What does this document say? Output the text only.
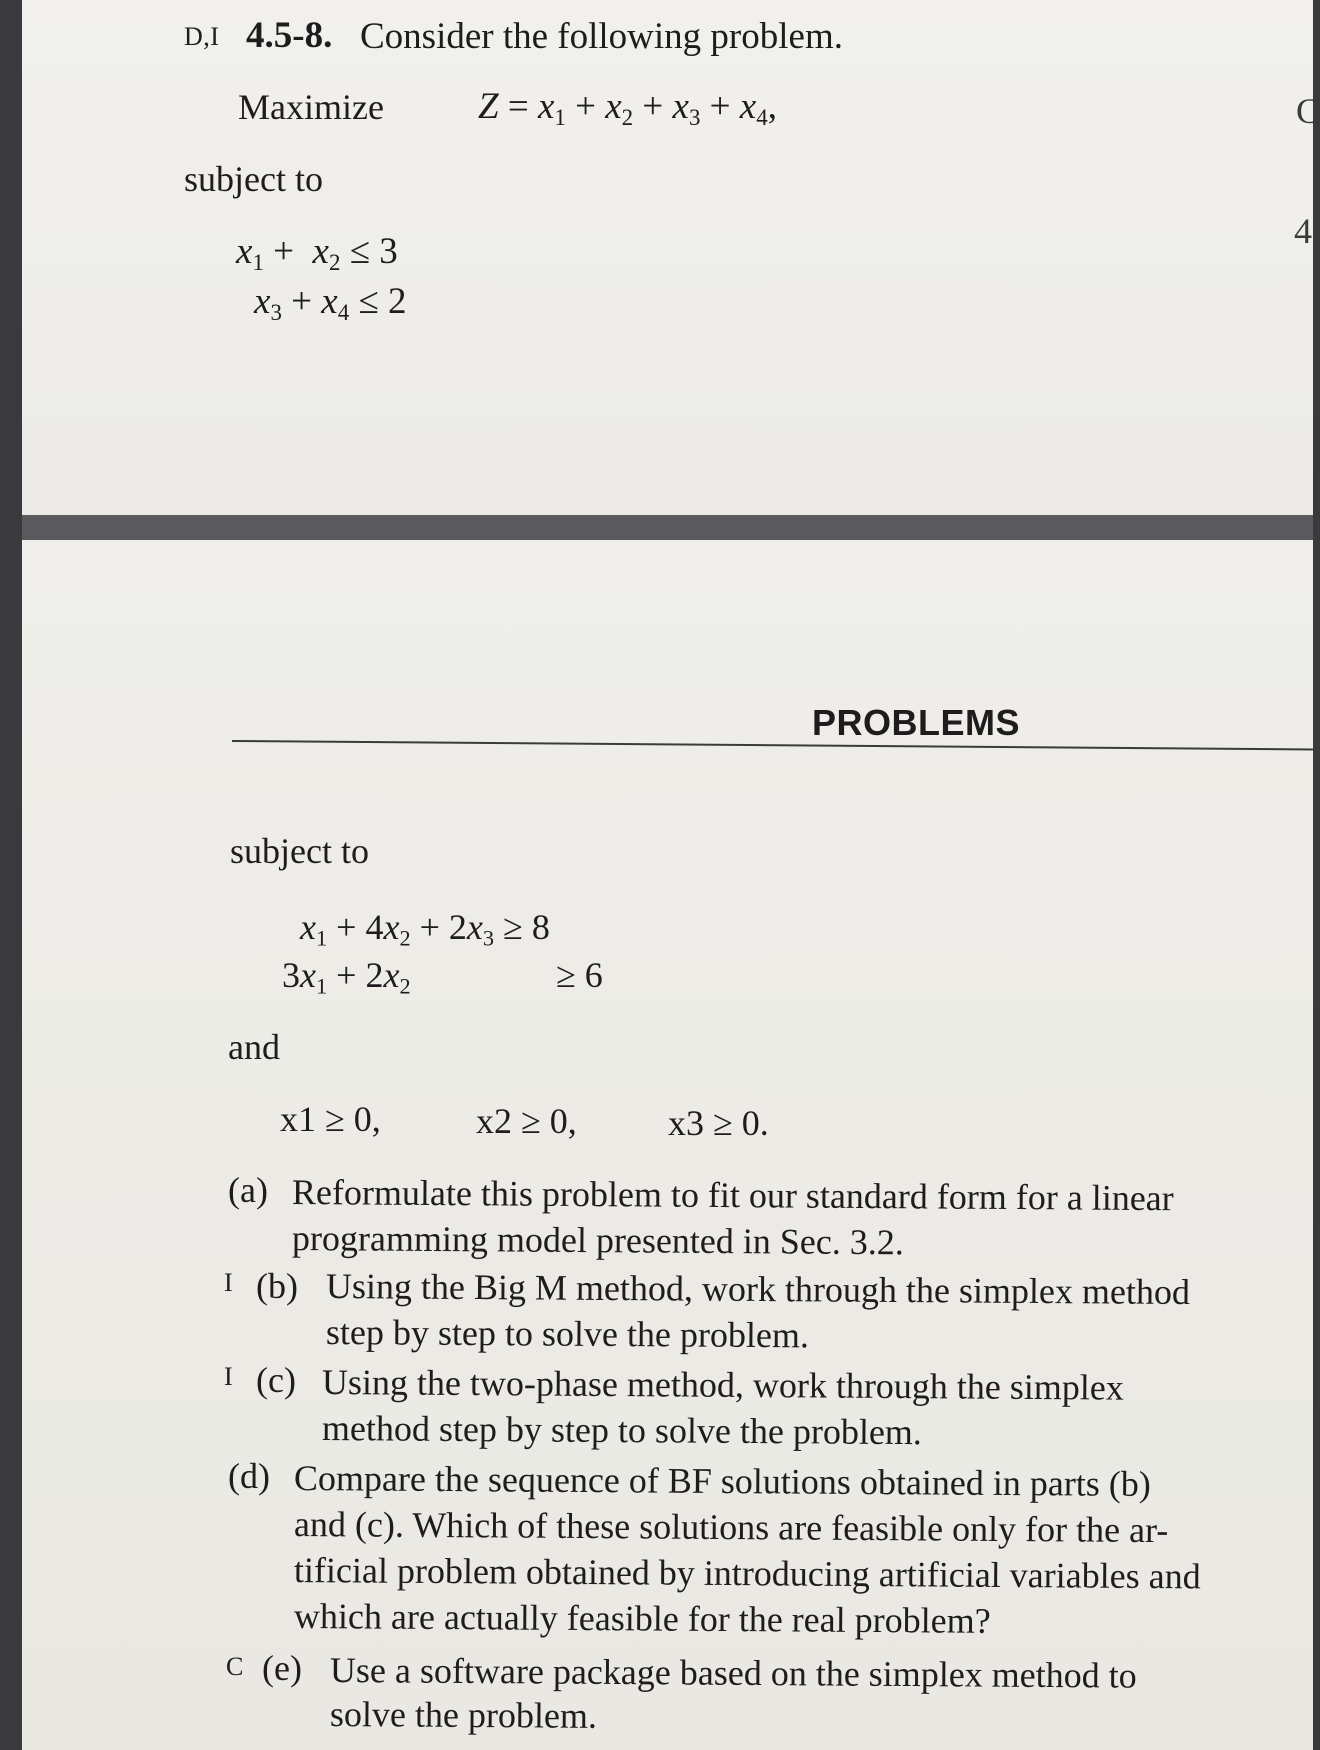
D,I 4.5-8. Consider the following problem.
Maximize	$Z = x_1 + x_2 + x_3 + x_4$,
subject to
$x_1 + x_2 \le 3$
$x_3 + x_4 \le 2$
C
4
PROBLEMS
subject to
$x_1 + 4x_2 + 2x_3 \ge 8$
$3x_1 + 2x_2$	≥ 6
and
x1 ≥ 0,	x2 ≥ 0,	x3 ≥ 0.
(a) Reformulate this problem to fit our standard form for a linear
programming model presented in Sec. 3.2.
I (b) Using the Big M method, work through the simplex method
step by step to solve the problem.
I (c) Using the two-phase method, work through the simplex
method step by step to solve the problem.
(d) Compare the sequence of BF solutions obtained in parts (b)
and (c). Which of these solutions are feasible only for the ar-
tificial problem obtained by introducing artificial variables and
which are actually feasible for the real problem?
C (e) Use a software package based on the simplex method to
solve the problem.
